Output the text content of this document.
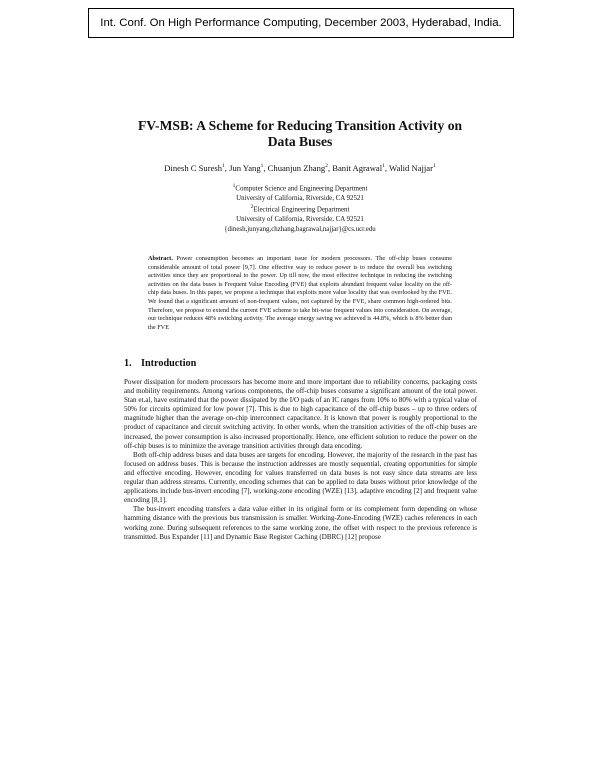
Int. Conf. On High Performance Computing, December 2003, Hyderabad, India.
FV-MSB: A Scheme for Reducing Transition Activity on
Data Buses
Dinesh C Suresh$^1$, Jun Yang$^1$, Chuanjun Zhang$^2$, Banit Agrawal$^1$, Walid Najjar$^1$
$^1$Computer Science and Engineering Department
University of California, Riverside, CA 92521
$^2$Electrical Engineering Department
University of California, Riverside, CA 92521
{dinesh,junyang,chzhang,bagrawal,najjar}@cs.ucr.edu
Abstract. Power consumption becomes an important issue for modern processors. The off-chip buses consume considerable amount of total power [9,7]. One effective way to reduce power is to reduce the overall bus switching activities since they are proportional to the power. Up till now, the most effective technique in reducing the switching activities on the data buses is Frequent Value Encoding (FVE) that exploits abundant frequent value locality on the off-chip data buses. In this paper, we propose a technique that exploits more value locality that was overlooked by the FVE. We found that a significant amount of non-frequent values, not captured by the FVE, share common high-ordered bits. Therefore, we propose to extend the current FVE scheme to take bit-wise frequent values into consideration. On average, our technique reduces 48% switching activity. The average energy saving we achieved is 44.8%, which is 8% better than the FVE
1. Introduction

Power dissipation for modern processors has become more and more important due to reliability concerns, packaging costs and mobility requirements. Among various components, the off-chip buses consume a significant amount of the total power. Stan et.al, have estimated that the power dissipated by the I/O pads of an IC ranges from 10% to 80% with a typical value of 50% for circuits optimized for low power [7]. This is due to high capacitance of the off-chip buses – up to three orders of magnitude higher than the average on-chip interconnect capacitance. It is known that power is roughly proportional to the product of capacitance and circuit switching activity. In other words, when the transition activities of the off-chip buses are increased, the power consumption is also increased proportionally. Hence, one efficient solution to reduce the power on the off-chip buses is to minimize the average transition activities through data encoding.

Both off-chip address buses and data buses are targets for encoding. However, the majority of the research in the past has focused on address buses. This is because the instruction addresses are mostly sequential, creating opportunities for simple and effective encoding. However, encoding for values transferred on data buses is not easy since data streams are less regular than address streams. Currently, encoding schemes that can be applied to data buses without prior knowledge of the applications include bus-invert encoding [7], working-zone encoding (WZE) [13], adaptive encoding [2] and frequent value encoding [8,1].

The bus-invert encoding transfers a data value either in its original form or its complement form depending on whose hamming distance with the previous bus transmission is smaller. Working-Zone-Encoding (WZE) caches references in each working zone. During subsequent references to the same working zone, the offset with respect to the previous reference is transmitted. Bus Expander [11] and Dynamic Base Register Caching (DBRC) [12] propose
